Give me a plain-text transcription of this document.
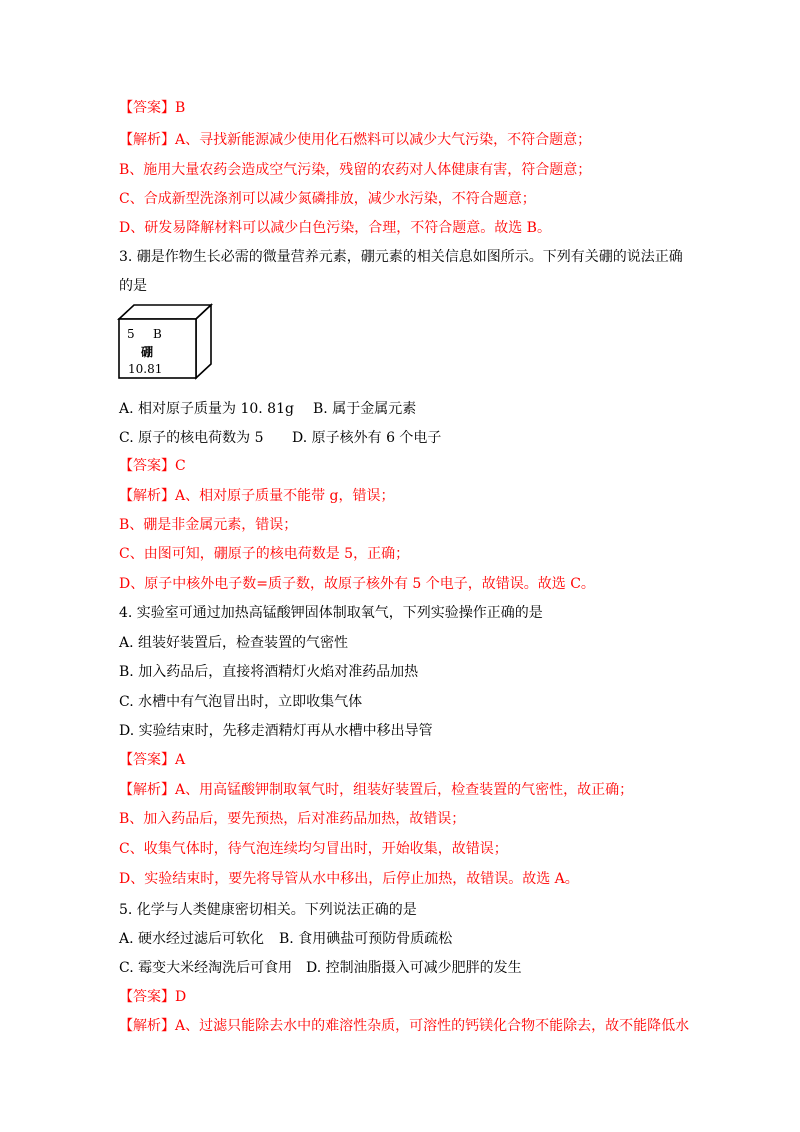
【答案】B
【解析】A、寻找新能源减少使用化石燃料可以减少大气污染，不符合题意；
B、施用大量农药会造成空气污染，残留的农药对人体健康有害，符合题意；
C、合成新型洗涤剂可以减少氮磷排放，减少水污染，不符合题意；
D、研发易降解材料可以减少白色污染，合理，不符合题意。故选 B。
3. 硼是作物生长必需的微量营养元素，硼元素的相关信息如图所示。下列有关硼的说法正确
的是
5 B
硼
10.81
A. 相对原子质量为 10. 81g B. 属于金属元素
C. 原子的核电荷数为 5 D. 原子核外有 6 个电子
【答案】C
【解析】A、相对原子质量不能带 g，错误；
B、硼是非金属元素，错误；
C、由图可知，硼原子的核电荷数是 5，正确；
D、原子中核外电子数=质子数，故原子核外有 5 个电子，故错误。故选 C。
4. 实验室可通过加热高锰酸钾固体制取氧气，下列实验操作正确的是
A. 组装好装置后，检查装置的气密性
B. 加入药品后，直接将酒精灯火焰对准药品加热
C. 水槽中有气泡冒出时，立即收集气体
D. 实验结束时，先移走酒精灯再从水槽中移出导管
【答案】A
【解析】A、用高锰酸钾制取氧气时，组装好装置后，检查装置的气密性，故正确；
B、加入药品后，要先预热，后对准药品加热，故错误；
C、收集气体时，待气泡连续均匀冒出时，开始收集，故错误；
D、实验结束时，要先将导管从水中移出，后停止加热，故错误。故选 A。
5. 化学与人类健康密切相关。下列说法正确的是
A. 硬水经过滤后可软化 B. 食用碘盐可预防骨质疏松
C. 霉变大米经淘洗后可食用 D. 控制油脂摄入可减少肥胖的发生
【答案】D
【解析】A、过滤只能除去水中的难溶性杂质，可溶性的钙镁化合物不能除去，故不能降低水
